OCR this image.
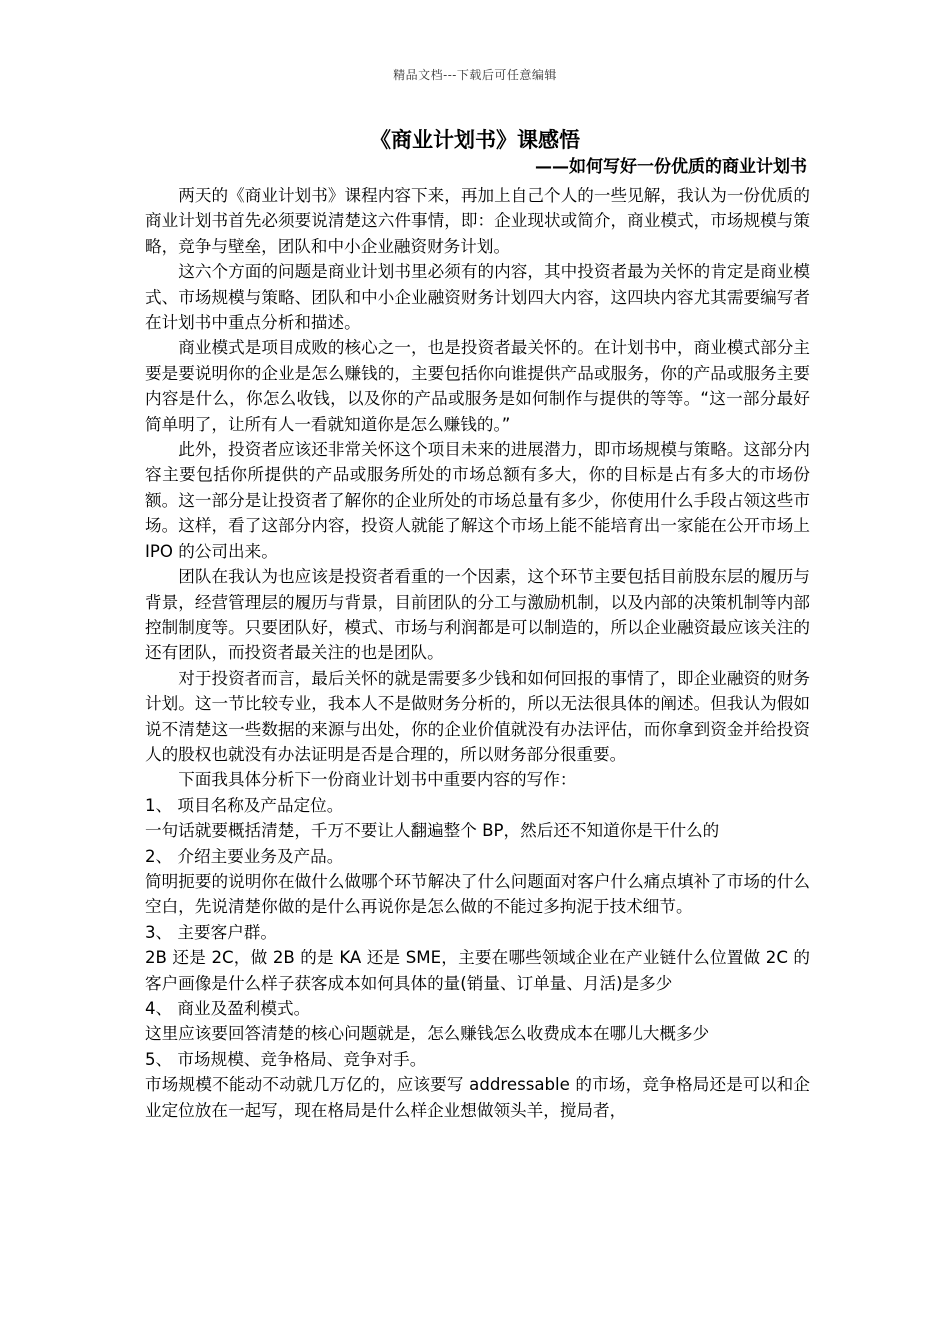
精品文档---下载后可任意编辑
《商业计划书》课感悟
——如何写好一份优质的商业计划书

两天的《商业计划书》课程内容下来，再加上自己个人的一些见解，我认为一份优质的商业计划书首先必须要说清楚这六件事情，即：企业现状或简介，商业模式，市场规模与策略，竞争与壁垒，团队和中小企业融资财务计划。

这六个方面的问题是商业计划书里必须有的内容，其中投资者最为关怀的肯定是商业模式、市场规模与策略、团队和中小企业融资财务计划四大内容，这四块内容尤其需要编写者在计划书中重点分析和描述。

商业模式是项目成败的核心之一，也是投资者最关怀的。在计划书中，商业模式部分主要是要说明你的企业是怎么赚钱的，主要包括你向谁提供产品或服务，你的产品或服务主要内容是什么，你怎么收钱，以及你的产品或服务是如何制作与提供的等等。“这一部分最好简单明了，让所有人一看就知道你是怎么赚钱的。”

此外，投资者应该还非常关怀这个项目未来的进展潜力，即市场规模与策略。这部分内容主要包括你所提供的产品或服务所处的市场总额有多大，你的目标是占有多大的市场份额。这一部分是让投资者了解你的企业所处的市场总量有多少，你使用什么手段占领这些市场。这样，看了这部分内容，投资人就能了解这个市场上能不能培育出一家能在公开市场上 IPO 的公司出来。

团队在我认为也应该是投资者看重的一个因素，这个环节主要包括目前股东层的履历与背景，经营管理层的履历与背景，目前团队的分工与激励机制，以及内部的决策机制等内部控制制度等。只要团队好，模式、市场与利润都是可以制造的，所以企业融资最应该关注的还有团队，而投资者最关注的也是团队。

对于投资者而言，最后关怀的就是需要多少钱和如何回报的事情了，即企业融资的财务计划。这一节比较专业，我本人不是做财务分析的，所以无法很具体的阐述。但我认为假如说不清楚这一些数据的来源与出处，你的企业价值就没有办法评估，而你拿到资金并给投资人的股权也就没有办法证明是否是合理的，所以财务部分很重要。

下面我具体分析下一份商业计划书中重要内容的写作：

1、 项目名称及产品定位。

一句话就要概括清楚，千万不要让人翻遍整个 BP，然后还不知道你是干什么的

2、 介绍主要业务及产品。

简明扼要的说明你在做什么做哪个环节解决了什么问题面对客户什么痛点填补了市场的什么空白，先说清楚你做的是什么再说你是怎么做的不能过多拘泥于技术细节。

3、 主要客户群。

2B 还是 2C，做 2B 的是 KA 还是 SME，主要在哪些领域企业在产业链什么位置做 2C 的客户画像是什么样子获客成本如何具体的量(销量、订单量、月活)是多少

4、 商业及盈利模式。

这里应该要回答清楚的核心问题就是，怎么赚钱怎么收费成本在哪儿大概多少

5、 市场规模、竞争格局、竞争对手。

市场规模不能动不动就几万亿的，应该要写 addressable 的市场，竞争格局还是可以和企业定位放在一起写，现在格局是什么样企业想做领头羊，搅局者，
